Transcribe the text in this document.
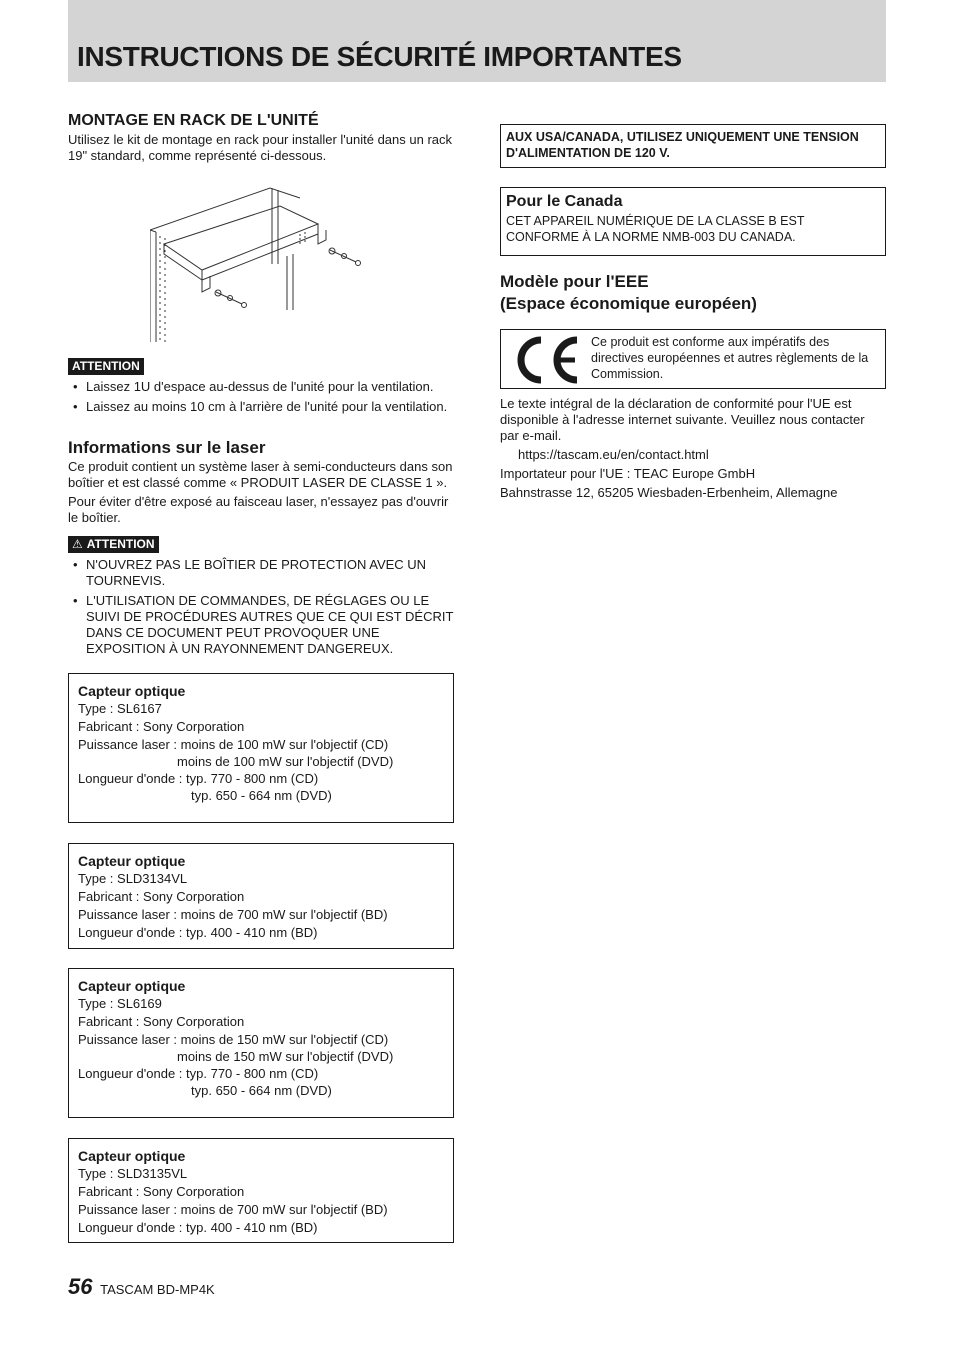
INSTRUCTIONS DE SÉCURITÉ IMPORTANTES
MONTAGE EN RACK DE L'UNITÉ

Utilisez le kit de montage en rack pour installer l'unité dans un rack 19" standard, comme représenté ci-dessous.

ATTENTION
• Laissez 1U d'espace au-dessus de l'unité pour la ventilation.
• Laissez au moins 10 cm à l'arrière de l'unité pour la ventilation.
Informations sur le laser

Ce produit contient un système laser à semi-conducteurs dans son boîtier et est classé comme « PRODUIT LASER DE CLASSE 1 ».

Pour éviter d'être exposé au faisceau laser, n'essayez pas d'ouvrir le boîtier.

⚠ ATTENTION
• N'OUVREZ PAS LE BOÎTIER DE PROTECTION AVEC UN TOURNEVIS.
• L'UTILISATION DE COMMANDES, DE RÉGLAGES OU LE SUIVI DE PROCÉDURES AUTRES QUE CE QUI EST DÉCRIT DANS CE DOCUMENT PEUT PROVOQUER UNE EXPOSITION À UN RAYONNEMENT DANGEREUX.
Capteur optique
Type : SL6167
Fabricant : Sony Corporation
Puissance laser : moins de 100 mW sur l'objectif (CD)
moins de 100 mW sur l'objectif (DVD)
Longueur d'onde : typ. 770 - 800 nm (CD)
typ. 650 - 664 nm (DVD)
Capteur optique
Type : SLD3134VL
Fabricant : Sony Corporation
Puissance laser : moins de 700 mW sur l'objectif (BD)
Longueur d'onde : typ. 400 - 410 nm (BD)
Capteur optique
Type : SL6169
Fabricant : Sony Corporation
Puissance laser : moins de 150 mW sur l'objectif (CD)
moins de 150 mW sur l'objectif (DVD)
Longueur d'onde : typ. 770 - 800 nm (CD)
typ. 650 - 664 nm (DVD)
Capteur optique
Type : SLD3135VL
Fabricant : Sony Corporation
Puissance laser : moins de 700 mW sur l'objectif (BD)
Longueur d'onde : typ. 400 - 410 nm (BD)
AUX USA/CANADA, UTILISEZ UNIQUEMENT UNE TENSION D'ALIMENTATION DE 120 V.
Pour le Canada
CET APPAREIL NUMÉRIQUE DE LA CLASSE B EST CONFORME À LA NORME NMB-003 DU CANADA.
Modèle pour l'EEE
(Espace économique européen)
Ce produit est conforme aux impératifs des directives européennes et autres règlements de la Commission.

Le texte intégral de la déclaration de conformité pour l'UE est disponible à l'adresse internet suivante. Veuillez nous contacter par e-mail.

https://tascam.eu/en/contact.html

Importateur pour l'UE : TEAC Europe GmbH

Bahnstrasse 12, 65205 Wiesbaden-Erbenheim, Allemagne

56 TASCAM BD-MP4K
